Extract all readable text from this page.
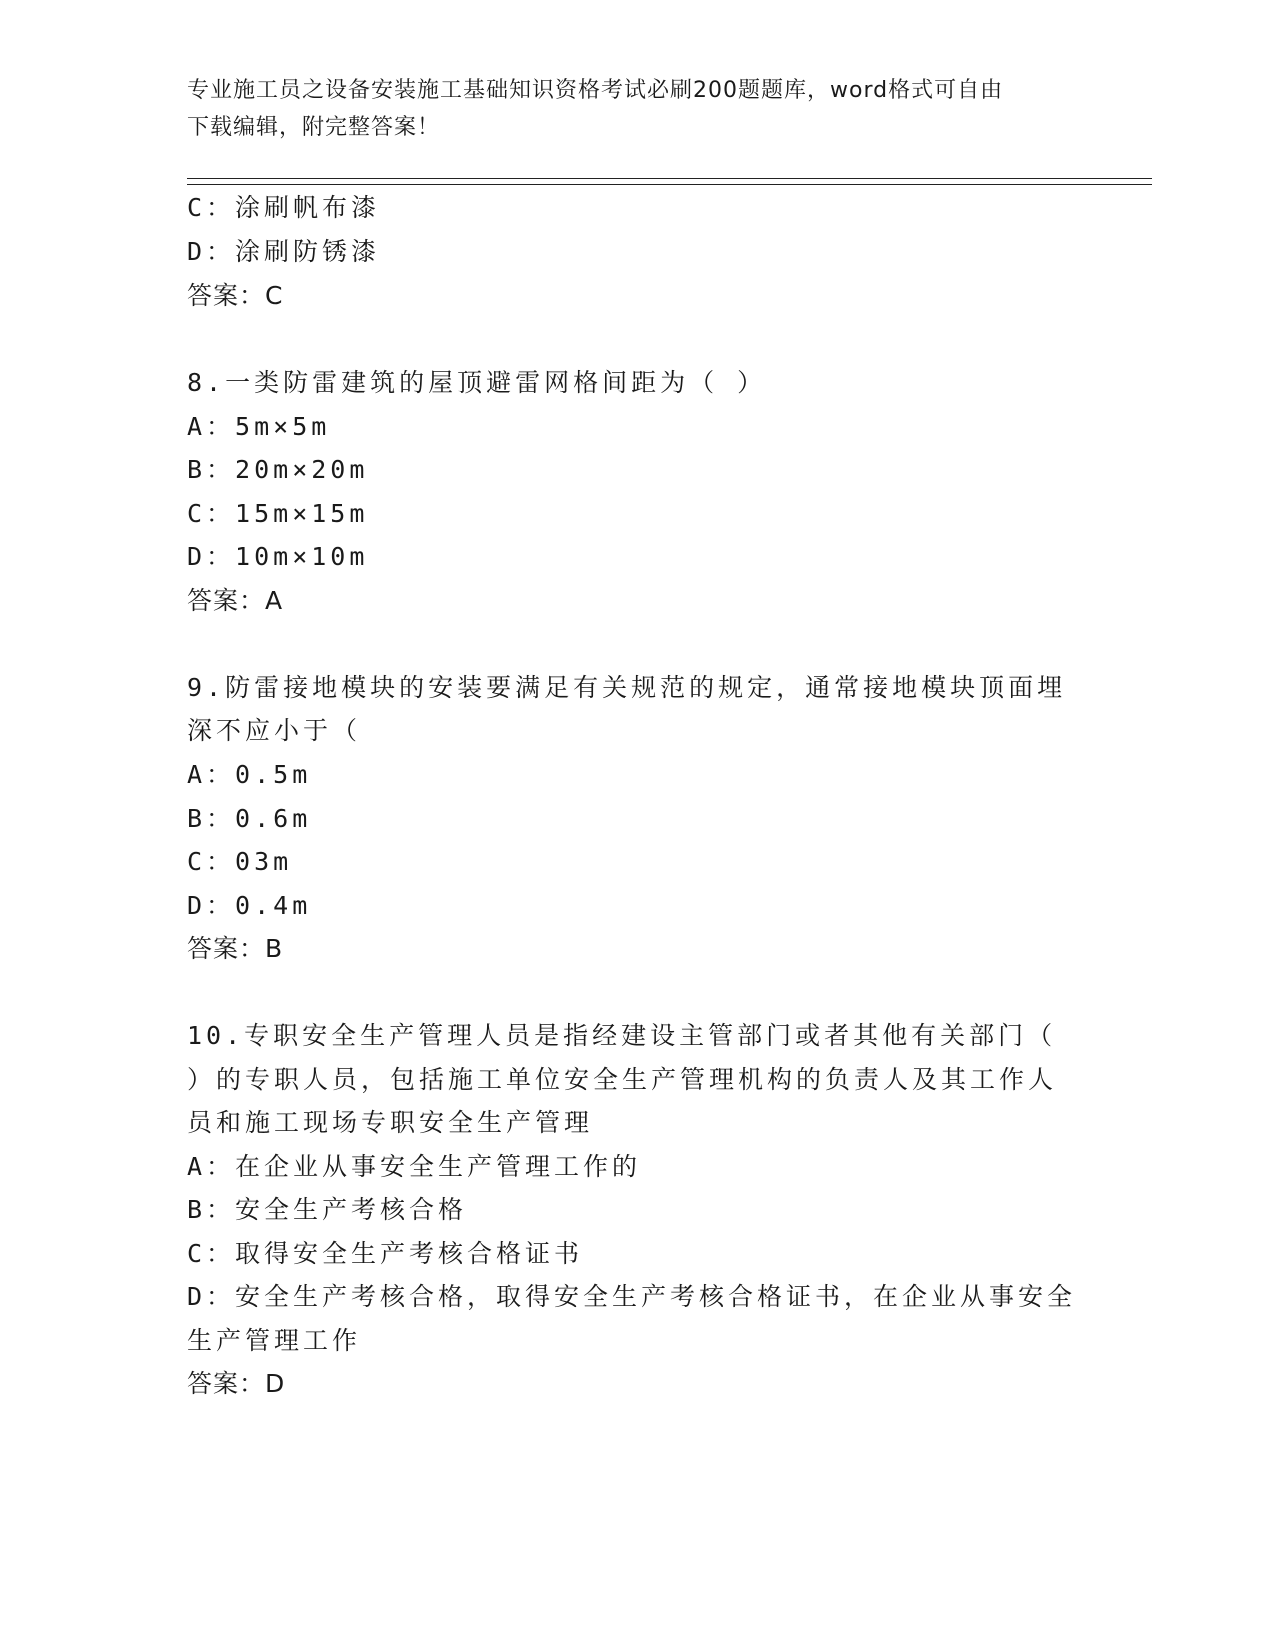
专业施工员之设备安装施工基础知识资格考试必刷200题题库，word格式可自由
下载编辑，附完整答案！
C：涂刷帆布漆
D：涂刷防锈漆
答案：C
8.一类防雷建筑的屋顶避雷网格间距为（ ）
A：5m×5m
B：20m×20m
C：15m×15m
D：10m×10m
答案：A
9.防雷接地模块的安装要满足有关规范的规定，通常接地模块顶面埋
深不应小于（
A：0.5m
B：0.6m
C：03m
D：0.4m
答案：B
10.专职安全生产管理人员是指经建设主管部门或者其他有关部门（
）的专职人员，包括施工单位安全生产管理机构的负责人及其工作人
员和施工现场专职安全生产管理
A：在企业从事安全生产管理工作的
B：安全生产考核合格
C：取得安全生产考核合格证书
D：安全生产考核合格，取得安全生产考核合格证书，在企业从事安全
生产管理工作
答案：D
